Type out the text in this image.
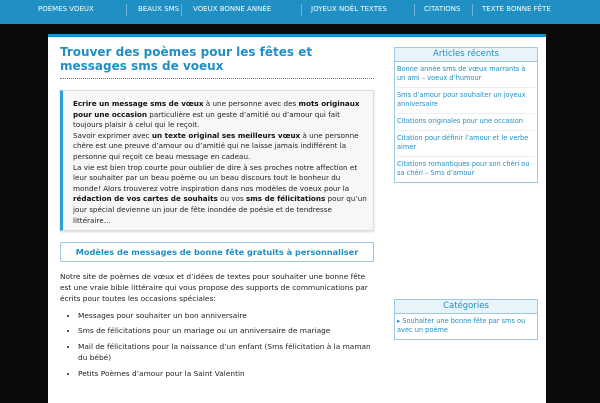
POÈMES VOEUX	BEAUX SMS VOEUX BONNE ANNÉE	JOYEUX NOËL TEXTES	CITATIONS	TEXTE BONNE FÊTE
Trouver des poèmes pour les fêtes et messages sms de voeux

Ecrire un message sms de vœux à une personne avec des mots originaux pour une occasion particulière est un geste d’amitié ou d’amour qui fait toujours plaisir à celui qui le reçoit.

Savoir exprimer avec un texte original ses meilleurs vœux à une personne chère est une preuve d’amour ou d’amitié qui ne laisse jamais indifférent la personne qui reçoit ce beau message en cadeau.

La vie est bien trop courte pour oublier de dire à ses proches notre affection et leur souhaiter par un beau poème ou un beau discours tout le bonheur du monde! Alors trouverez votre inspiration dans nos modèles de voeux pour la rédaction de vos cartes de souhaits ou vos sms de félicitations pour qu’un jour spécial devienne un jour de fête inondée de poésie et de tendresse littéraire…

Modèles de messages de bonne fête gratuits à personnaliser

Notre site de poèmes de vœux et d’idées de textes pour souhaiter une bonne fête est une vraie bible littéraire qui vous propose des supports de communications par écrits pour toutes les occasions spéciales:

• Messages pour souhaiter un bon anniversaire
• Sms de félicitations pour un mariage ou un anniversaire de mariage
• Mail de félicitations pour la naissance d’un enfant (Sms félicitation à la maman du bébé)
• Petits Poèmes d’amour pour la Saint Valentin
Articles récents
Bonne année sms de vœux marrants à un ami – voeux d’humour
Sms d’amour pour souhaiter un joyeux anniversaire
Citations originales pour une occasion
Citation pour définir l’amour et le verbe aimer
Citations romantiques pour son chéri ou sa chéri – Sms d’amour
Catégories
▸ Souhaiter une bonne fête par sms ou avec un poème
